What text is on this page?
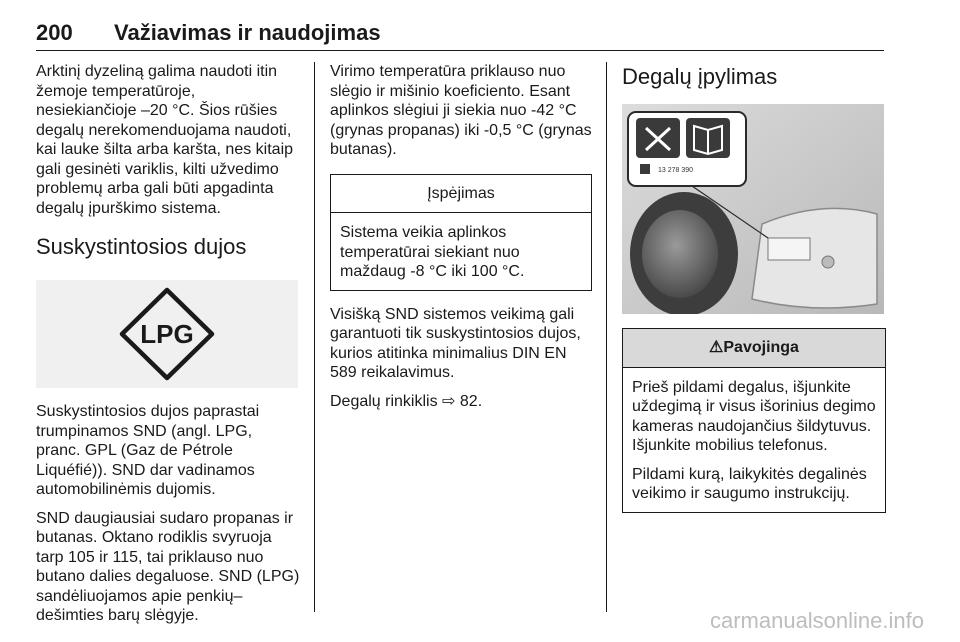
200 Važiavimas ir naudojimas

Arktinį dyzeliną galima naudoti itin žemoje temperatūroje, nesiekiančioje –20 °C. Šios rūšies degalų nerekomenduojama naudoti, kai lauke šilta arba karšta, nes kitaip gali gesinėti variklis, kilti užvedimo problemų arba gali būti apgadinta degalų įpurškimo sistema.

Suskystintosios dujos
LPG

Suskystintosios dujos paprastai trumpinamos SND (angl. LPG, pranc. GPL (Gaz de Pétrole Liquéfié)). SND dar vadinamos automobilinėmis dujomis.

SND daugiausiai sudaro propanas ir butanas. Oktano rodiklis svyruoja tarp 105 ir 115, tai priklauso nuo butano dalies degaluose. SND (LPG) sandėliuojamos apie penkių–dešimties barų slėgyje.

Virimo temperatūra priklauso nuo slėgio ir mišinio koeficiento. Esant aplinkos slėgiui ji siekia nuo -42 °C (grynas propanas) iki -0,5 °C (grynas butanas).

Įspėjimas
Sistema veikia aplinkos temperatūrai siekiant nuo maždaug -8 °C iki 100 °C.

Visišką SND sistemos veikimą gali garantuoti tik suskystintosios dujos, kurios atitinka minimalius DIN EN 589 reikalavimus.

Degalų rinkiklis ⇨ 82.

Degalų įpylimas
13 278 390
⚠Pavojinga

Prieš pildami degalus, išjunkite uždegimą ir visus išorinius degimo kameras naudojančius šildytuvus. Išjunkite mobilius telefonus.

Pildami kurą, laikykitės degalinės veikimo ir saugumo instrukcijų.

carmanualsonline.info
